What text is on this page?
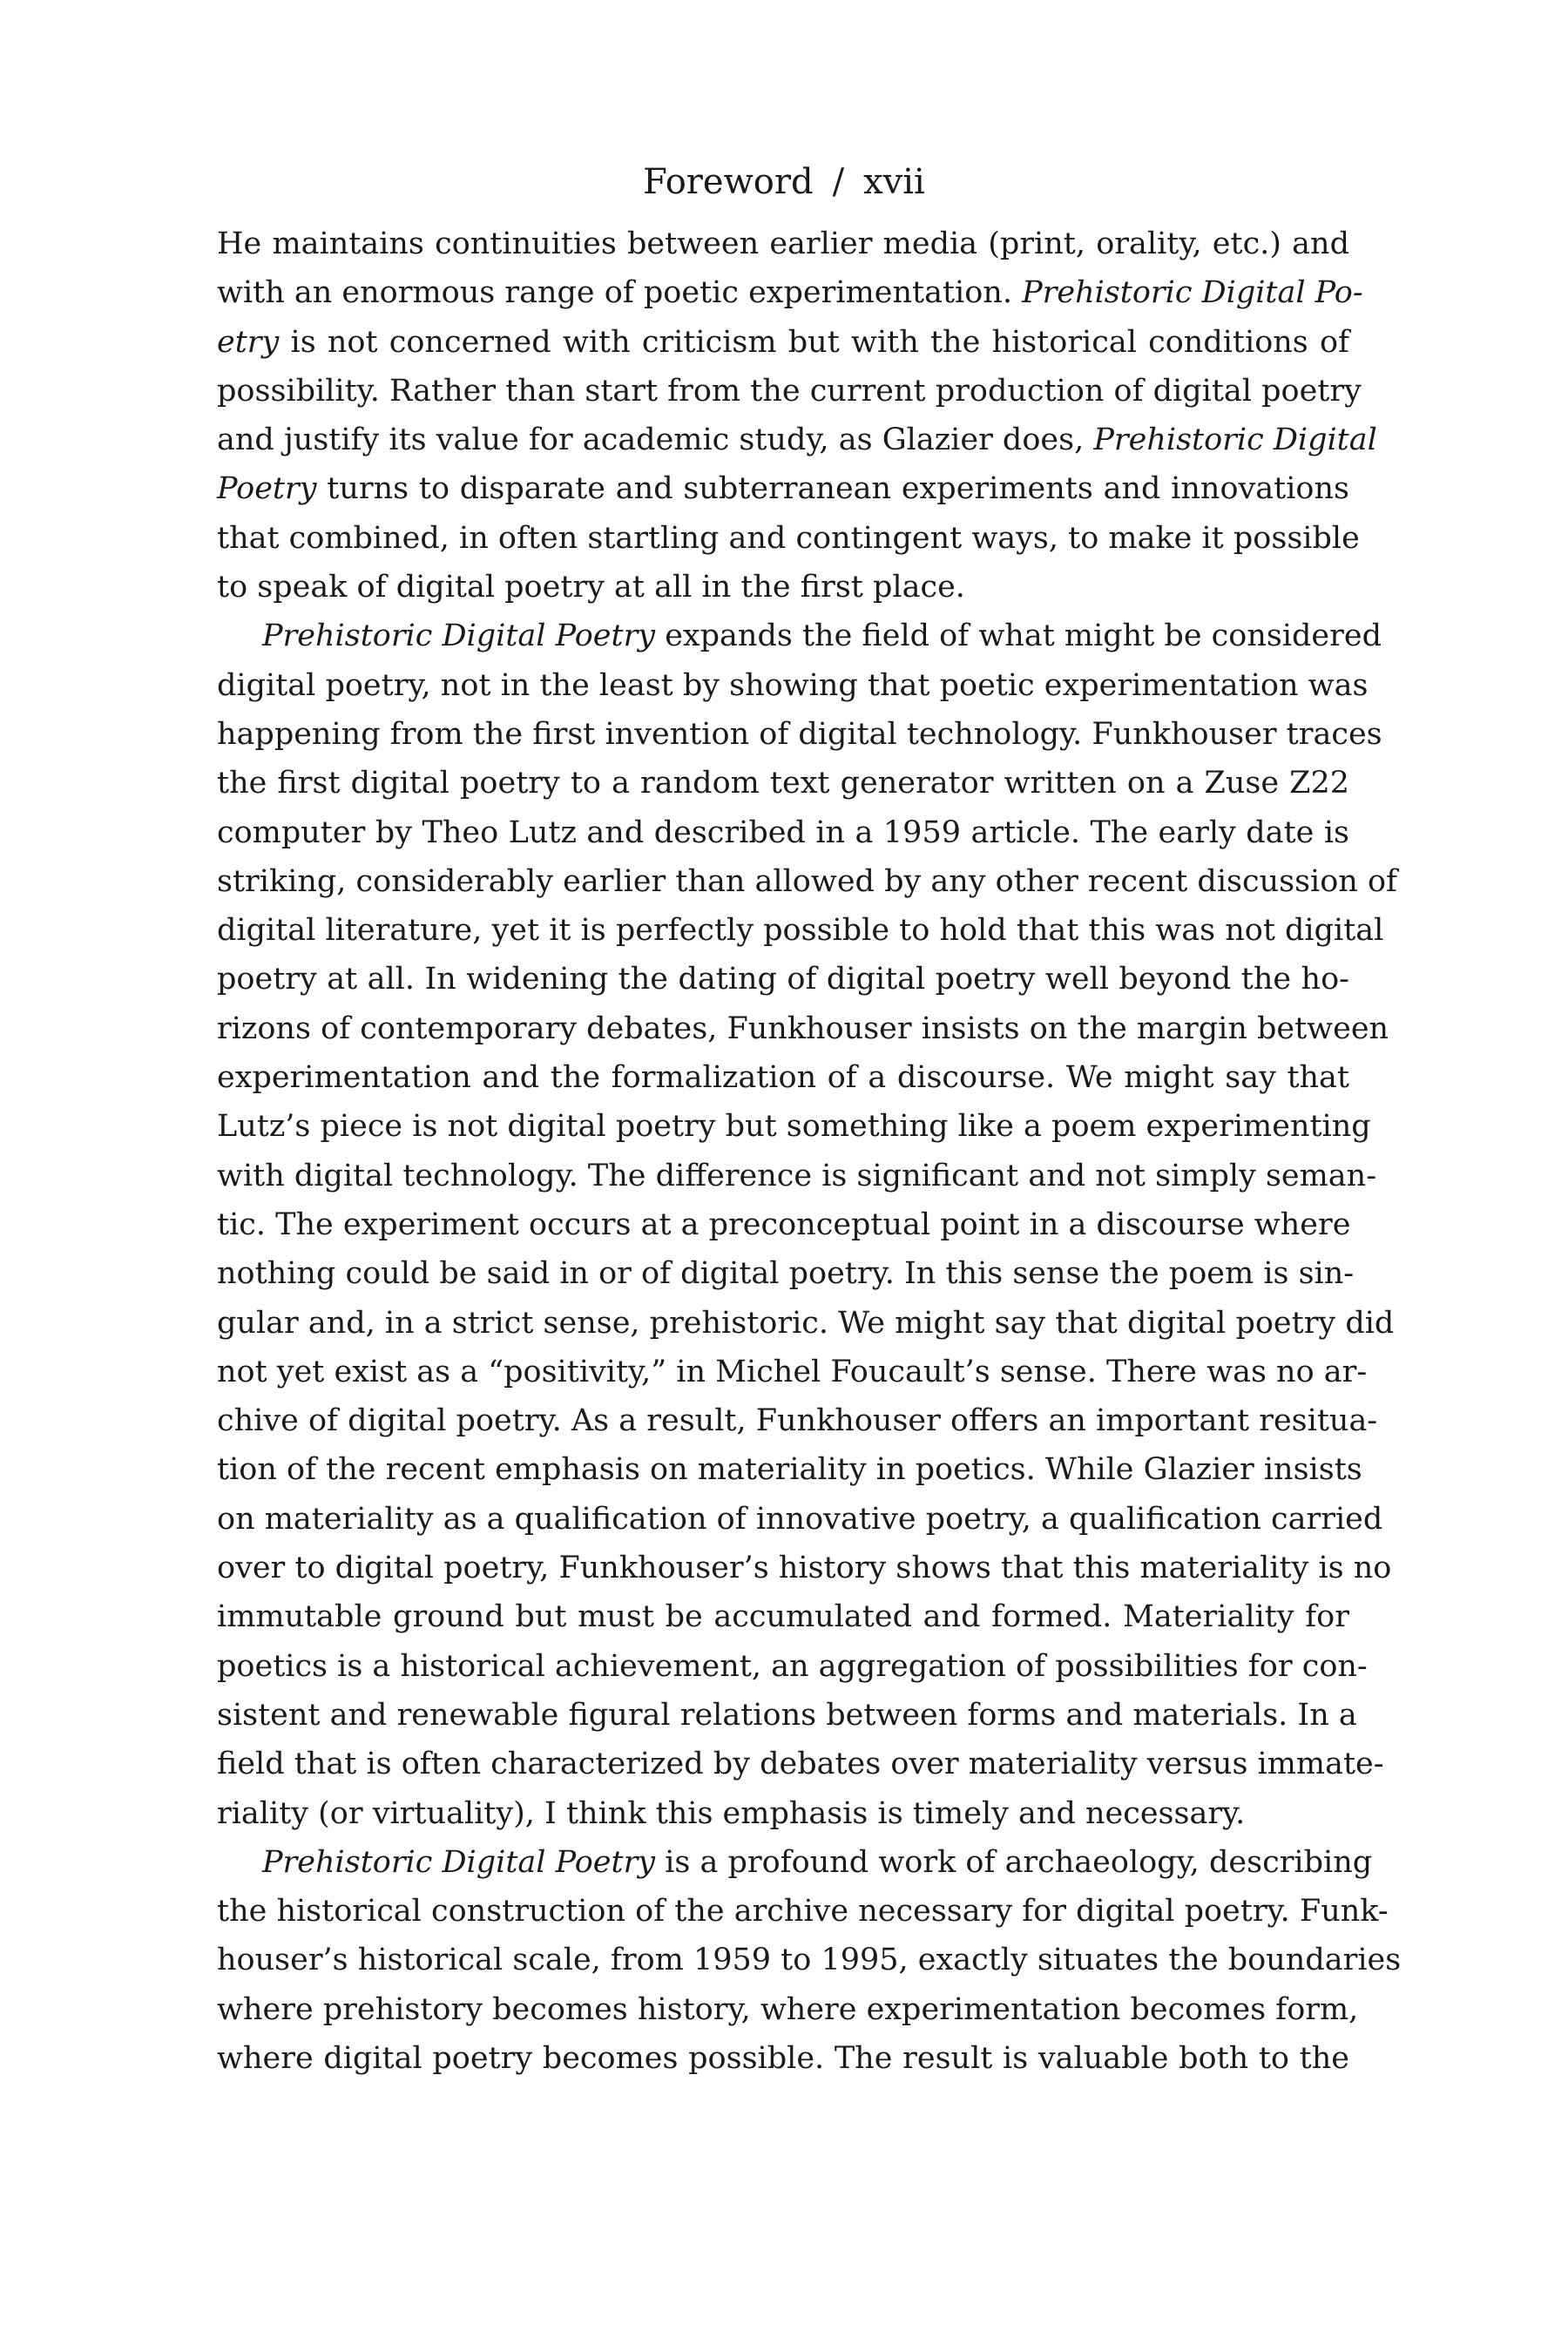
Foreword / xvii
He maintains continuities between earlier media (print, orality, etc.) and
with an enormous range of poetic experimentation. Prehistoric Digital Po-
etry is not concerned with criticism but with the historical conditions of
possibility. Rather than start from the current production of digital poetry
and justify its value for academic study, as Glazier does, Prehistoric Digital
Poetry turns to disparate and subterranean experiments and innovations
that combined, in often startling and contingent ways, to make it possible
to speak of digital poetry at all in the first place.
Prehistoric Digital Poetry expands the field of what might be considered
digital poetry, not in the least by showing that poetic experimentation was
happening from the first invention of digital technology. Funkhouser traces
the first digital poetry to a random text generator written on a Zuse Z22
computer by Theo Lutz and described in a 1959 article. The early date is
striking, considerably earlier than allowed by any other recent discussion of
digital literature, yet it is perfectly possible to hold that this was not digital
poetry at all. In widening the dating of digital poetry well beyond the ho-
rizons of contemporary debates, Funkhouser insists on the margin between
experimentation and the formalization of a discourse. We might say that
Lutz’s piece is not digital poetry but something like a poem experimenting
with digital technology. The difference is significant and not simply seman-
tic. The experiment occurs at a preconceptual point in a discourse where
nothing could be said in or of digital poetry. In this sense the poem is sin-
gular and, in a strict sense, prehistoric. We might say that digital poetry did
not yet exist as a “positivity,” in Michel Foucault’s sense. There was no ar-
chive of digital poetry. As a result, Funkhouser offers an important resitua-
tion of the recent emphasis on materiality in poetics. While Glazier insists
on materiality as a qualification of innovative poetry, a qualification carried
over to digital poetry, Funkhouser’s history shows that this materiality is no
immutable ground but must be accumulated and formed. Materiality for
poetics is a historical achievement, an aggregation of possibilities for con-
sistent and renewable figural relations between forms and materials. In a
field that is often characterized by debates over materiality versus immate-
riality (or virtuality), I think this emphasis is timely and necessary.
Prehistoric Digital Poetry is a profound work of archaeology, describing
the historical construction of the archive necessary for digital poetry. Funk-
houser’s historical scale, from 1959 to 1995, exactly situates the boundaries
where prehistory becomes history, where experimentation becomes form,
where digital poetry becomes possible. The result is valuable both to the
